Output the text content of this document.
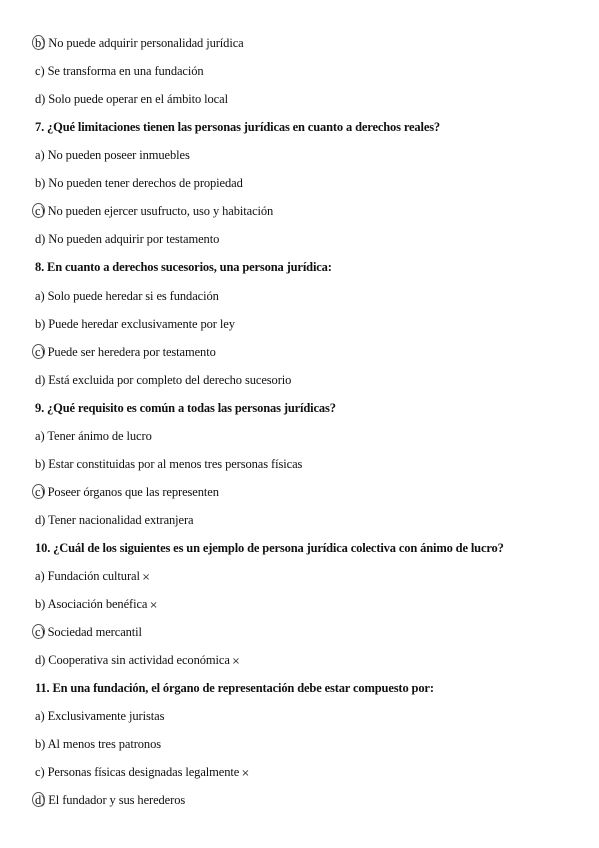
b
) No puede adquirir personalidad jurídica
c) Se transforma en una fundación
d) Solo puede operar en el ámbito local
7. ¿Qué limitaciones tienen las personas jurídicas en cuanto a derechos reales?
a) No pueden poseer inmuebles
b) No pueden tener derechos de propiedad
c
) No pueden ejercer usufructo, uso y habitación
d) No pueden adquirir por testamento
8. En cuanto a derechos sucesorios, una persona jurídica:
a) Solo puede heredar si es fundación
b) Puede heredar exclusivamente por ley
c
) Puede ser heredera por testamento
d) Está excluida por completo del derecho sucesorio
9. ¿Qué requisito es común a todas las personas jurídicas?
a) Tener ánimo de lucro
b) Estar constituidas por al menos tres personas físicas
c
) Poseer órganos que las representen
d) Tener nacionalidad extranjera
10. ¿Cuál de los siguientes es un ejemplo de persona jurídica colectiva con ánimo de lucro?
a) Fundación cultural ×
b) Asociación benéfica ×
c
) Sociedad mercantil
d) Cooperativa sin actividad económica ×
11. En una fundación, el órgano de representación debe estar compuesto por:
a) Exclusivamente juristas
b) Al menos tres patronos
c) Personas físicas designadas legalmente ×
d
) El fundador y sus herederos
